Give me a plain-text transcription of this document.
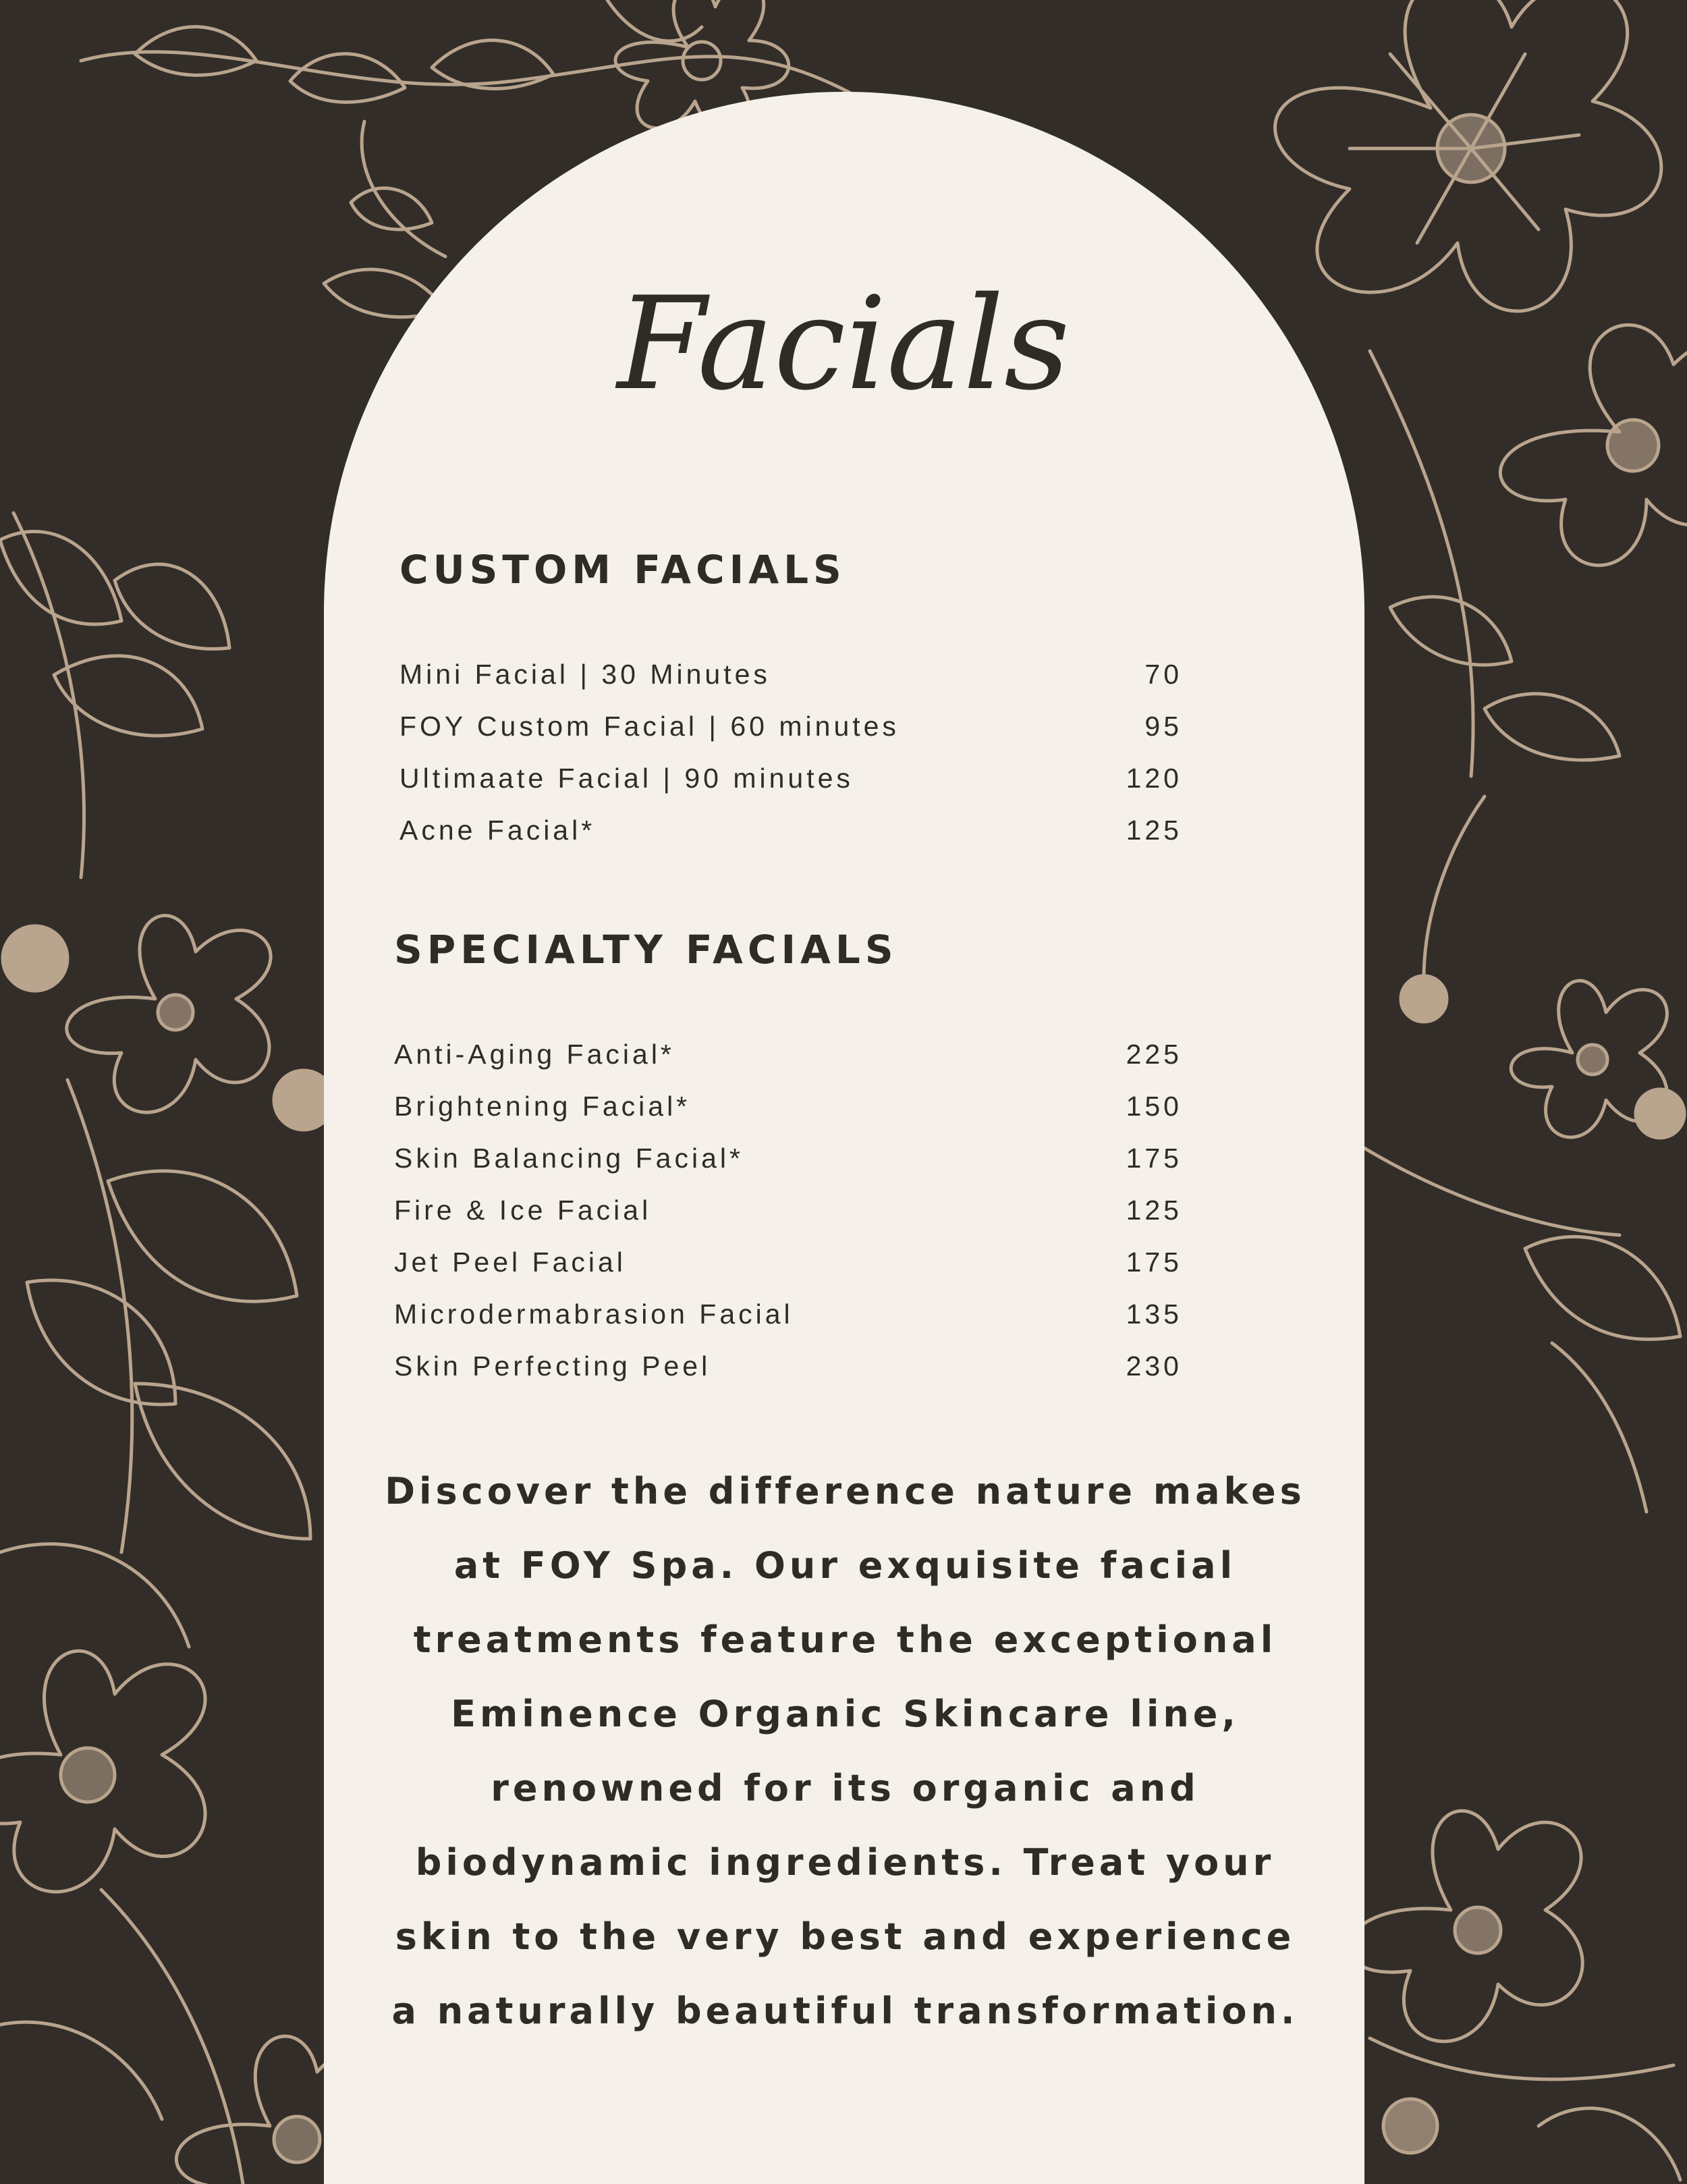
Facials
CUSTOM FACIALS
Mini Facial | 30 Minutes	70
FOY Custom Facial | 60 minutes	95
Ultimaate Facial | 90 minutes	120
Acne Facial*	125
SPECIALTY FACIALS
Anti-Aging Facial*	225
Brightening Facial*	150
Skin Balancing Facial*	175
Fire & Ice Facial	125
Jet Peel Facial	175
Microdermabrasion Facial	135
Skin Perfecting Peel	230

Discover the difference nature makes at FOY Spa. Our exquisite facial treatments feature the exceptional Eminence Organic Skincare line, renowned for its organic and biodynamic ingredients. Treat your skin to the very best and experience a naturally beautiful transformation.
